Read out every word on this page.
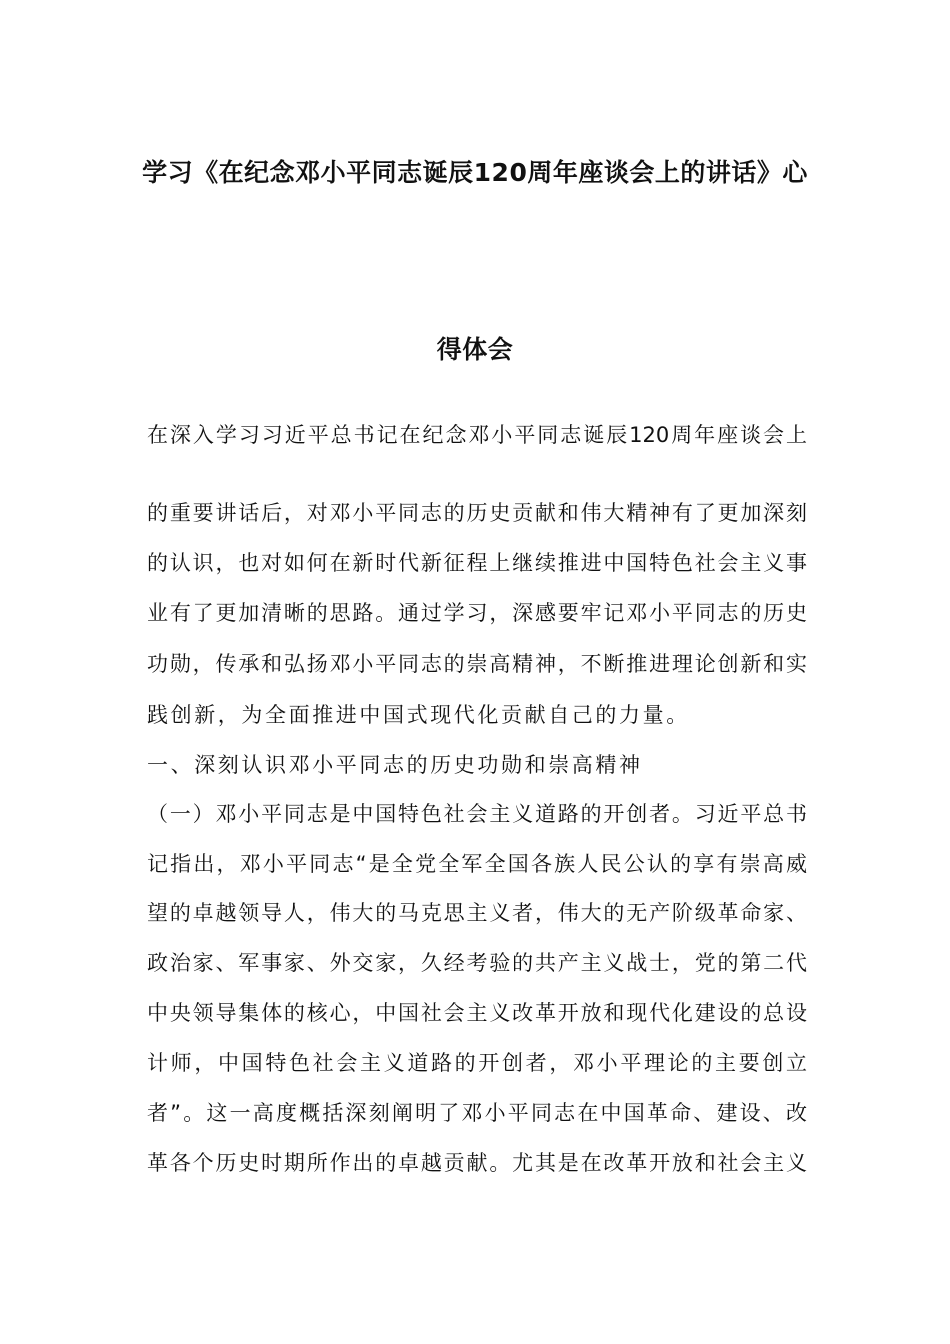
学习《在纪念邓小平同志诞辰120周年座谈会上的讲话》心
得体会
在深入学习习近平总书记在纪念邓小平同志诞辰120周年座谈会上
的重要讲话后，对邓小平同志的历史贡献和伟大精神有了更加深刻
的认识，也对如何在新时代新征程上继续推进中国特色社会主义事
业有了更加清晰的思路。通过学习，深感要牢记邓小平同志的历史
功勋，传承和弘扬邓小平同志的崇高精神，不断推进理论创新和实
践创新，为全面推进中国式现代化贡献自己的力量。
一、深刻认识邓小平同志的历史功勋和崇高精神
（一）邓小平同志是中国特色社会主义道路的开创者。习近平总书
记指出，邓小平同志“是全党全军全国各族人民公认的享有崇高威
望的卓越领导人，伟大的马克思主义者，伟大的无产阶级革命家、
政治家、军事家、外交家，久经考验的共产主义战士，党的第二代
中央领导集体的核心，中国社会主义改革开放和现代化建设的总设
计师，中国特色社会主义道路的开创者，邓小平理论的主要创立
者”。这一高度概括深刻阐明了邓小平同志在中国革命、建设、改
革各个历史时期所作出的卓越贡献。尤其是在改革开放和社会主义
